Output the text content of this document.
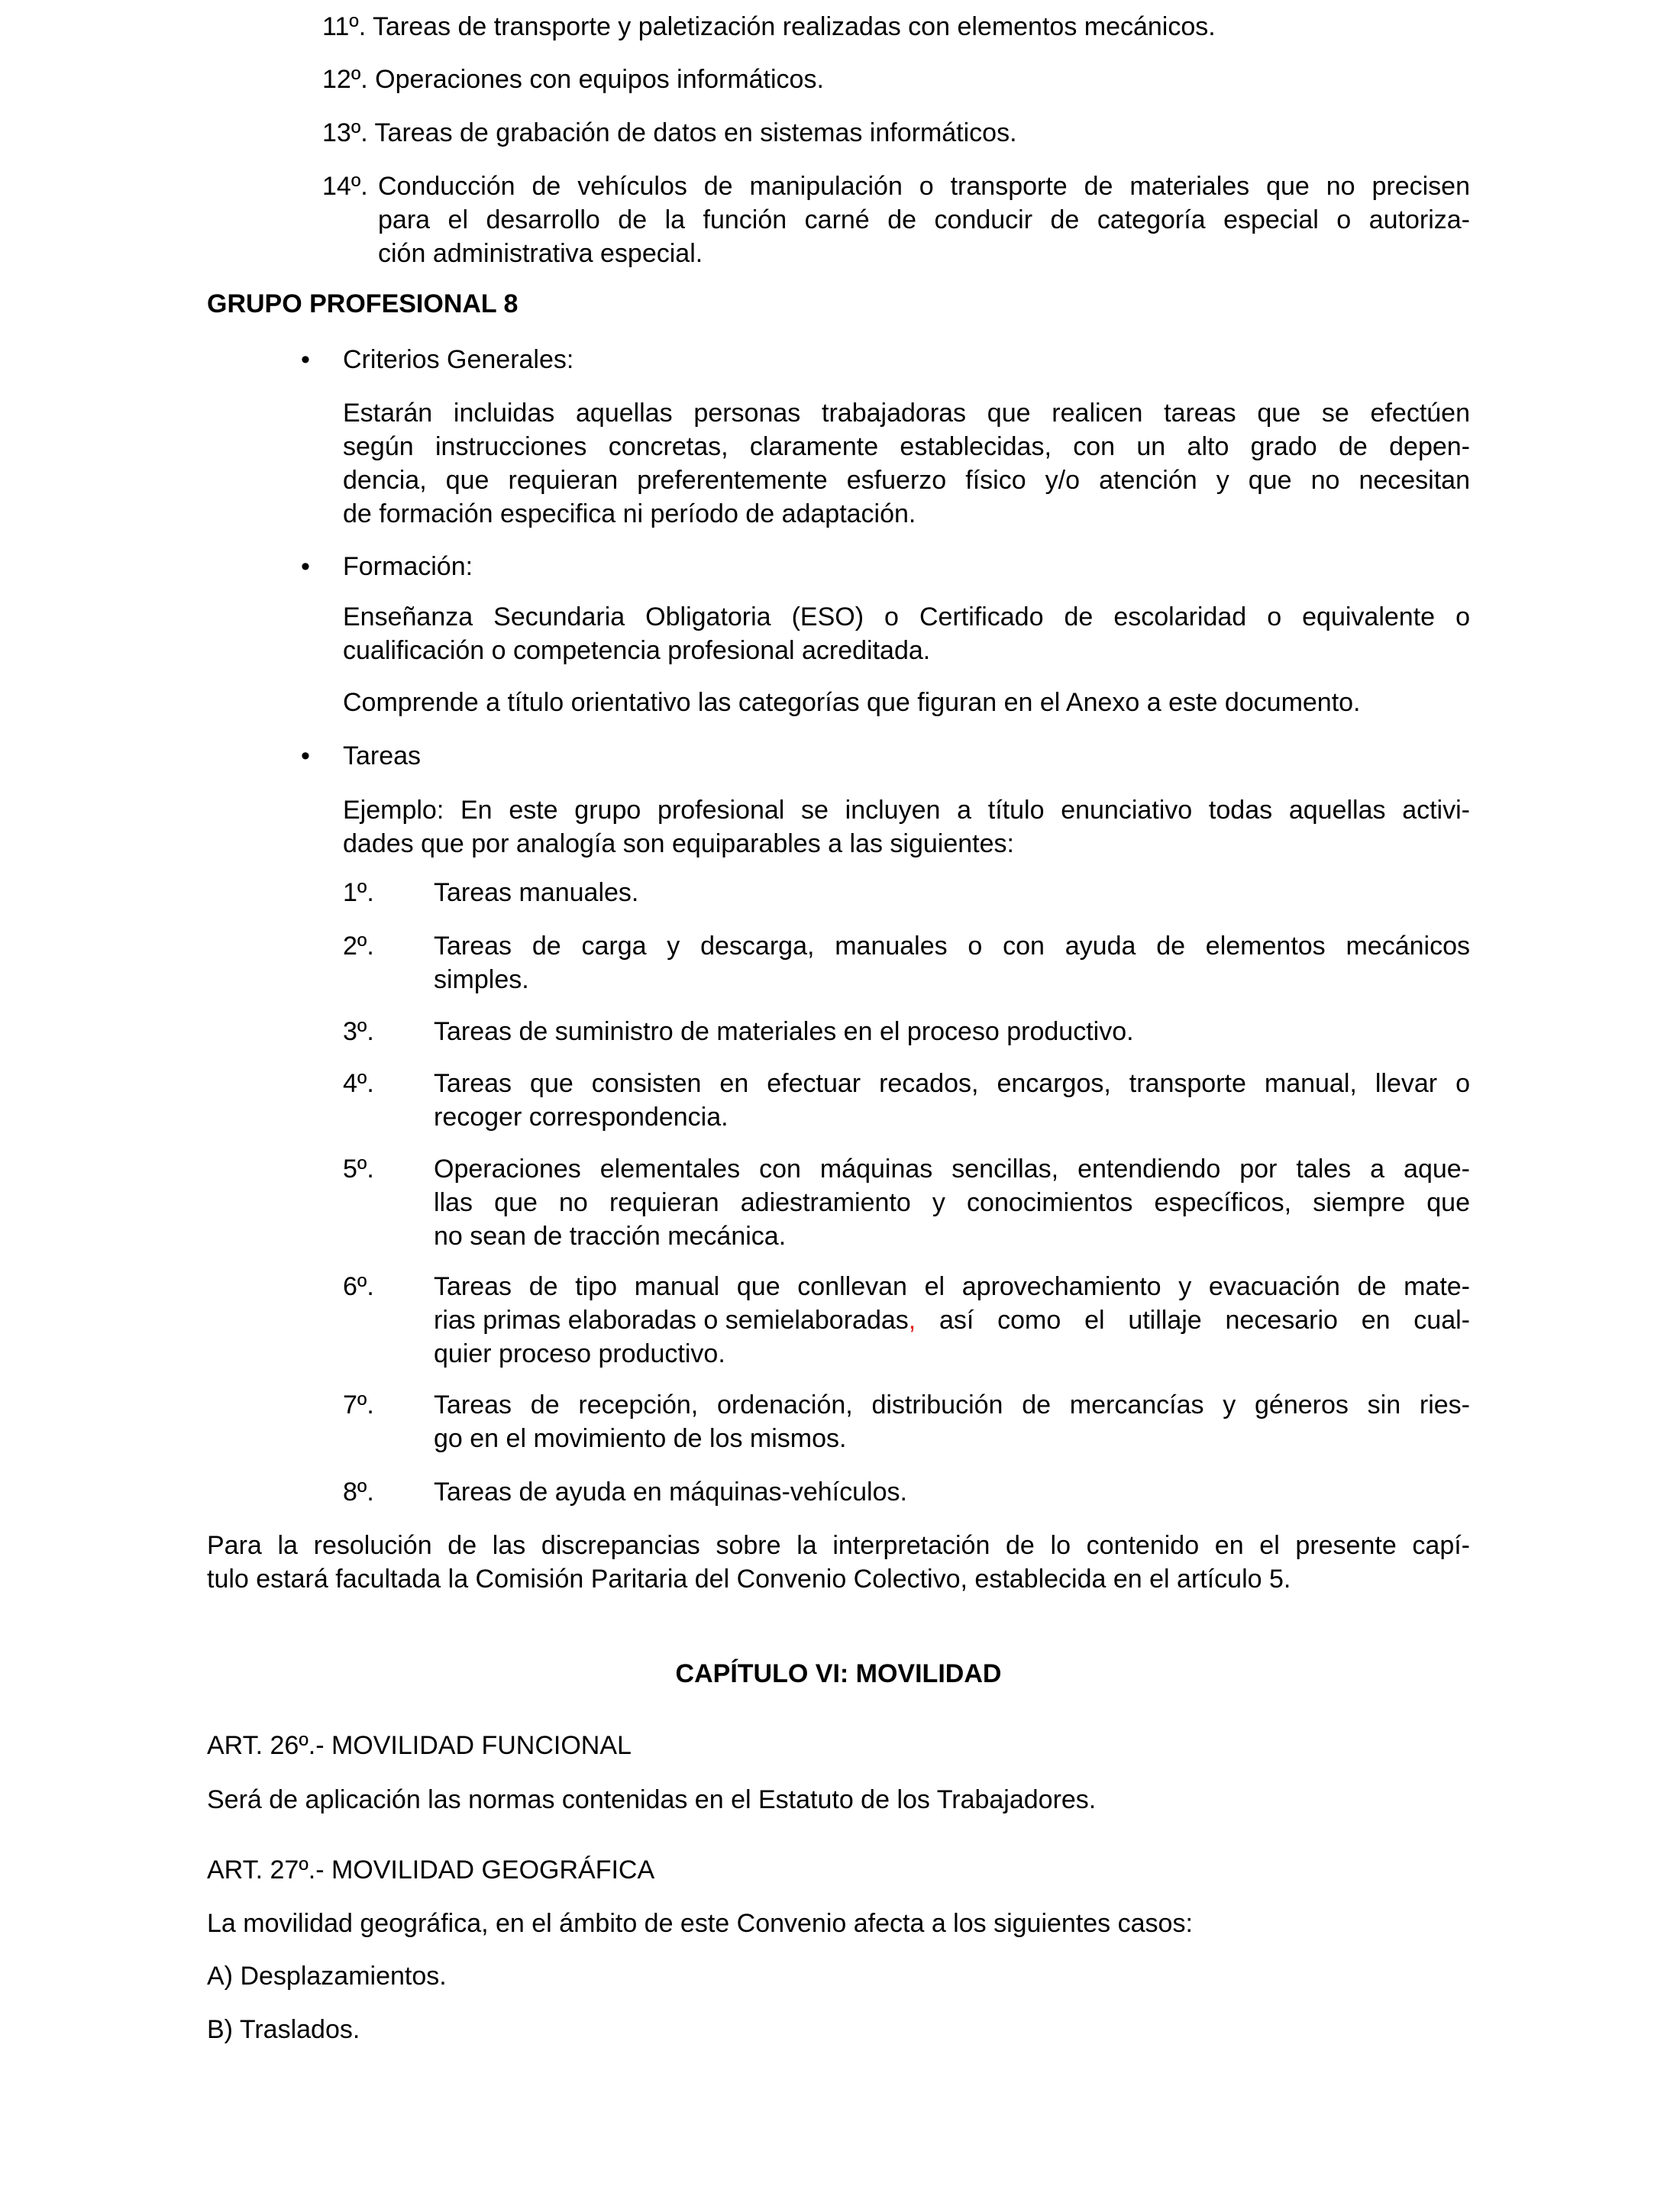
11º. Tareas de transporte y paletización realizadas con elementos mecánicos.
12º. Operaciones con equipos informáticos.
13º. Tareas de grabación de datos en sistemas informáticos.
14º. Conducción de vehículos de manipulación o transporte de materiales que no precisen
para el desarrollo de la función carné de conducir de categoría especial o autoriza-
ción administrativa especial.
GRUPO PROFESIONAL 8
• Criterios Generales:
Estarán incluidas aquellas personas trabajadoras que realicen tareas que se efectúen
según instrucciones concretas, claramente establecidas, con un alto grado de depen-
dencia, que requieran preferentemente esfuerzo físico y/o atención y que no necesitan
de formación especifica ni período de adaptación.
• Formación:
Enseñanza Secundaria Obligatoria (ESO) o Certificado de escolaridad o equivalente o
cualificación o competencia profesional acreditada.
Comprende a título orientativo las categorías que figuran en el Anexo a este documento.
• Tareas
Ejemplo: En este grupo profesional se incluyen a título enunciativo todas aquellas activi-
dades que por analogía son equiparables a las siguientes:
1º. Tareas manuales.
2º. Tareas de carga y descarga, manuales o con ayuda de elementos mecánicos
simples.
3º. Tareas de suministro de materiales en el proceso productivo.
4º. Tareas que consisten en efectuar recados, encargos, transporte manual, llevar o
recoger correspondencia.
5º. Operaciones elementales con máquinas sencillas, entendiendo por tales a aque-
llas que no requieran adiestramiento y conocimientos específicos, siempre que
no sean de tracción mecánica.
6º. Tareas de tipo manual que conllevan el aprovechamiento y evacuación de mate-
rias primas elaboradas o semielaboradas , así como el utillaje necesario en cual-
quier proceso productivo.
7º. Tareas de recepción, ordenación, distribución de mercancías y géneros sin ries-
go en el movimiento de los mismos.
8º. Tareas de ayuda en máquinas-vehículos.
Para la resolución de las discrepancias sobre la interpretación de lo contenido en el presente capí-
tulo estará facultada la Comisión Paritaria del Convenio Colectivo, establecida en el artículo 5.
CAPÍTULO VI: MOVILIDAD
ART. 26º.- MOVILIDAD FUNCIONAL
Será de aplicación las normas contenidas en el Estatuto de los Trabajadores.
ART. 27º.- MOVILIDAD GEOGRÁFICA
La movilidad geográfica, en el ámbito de este Convenio afecta a los siguientes casos:
A) Desplazamientos.
B) Traslados.
